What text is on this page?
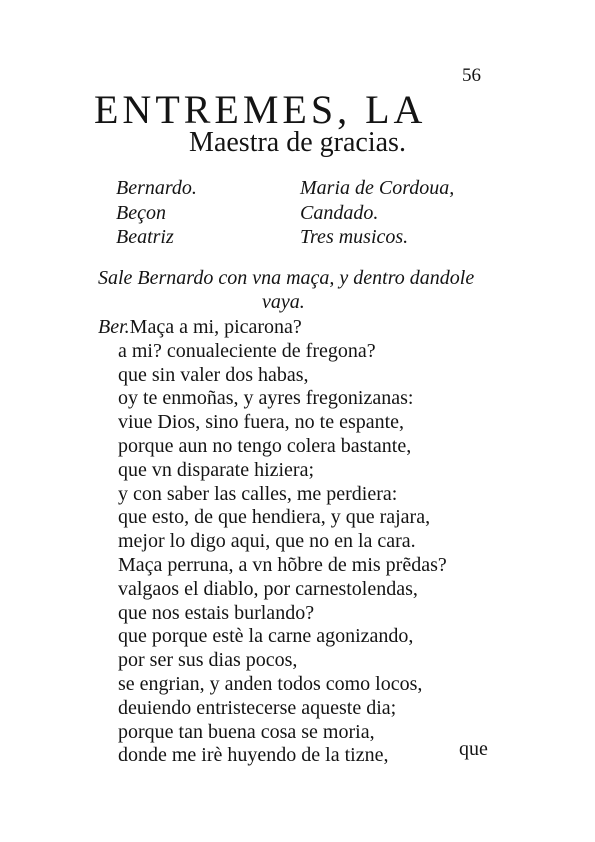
56
ENTREMES, LA
Maestra de gracias.
Bernardo.
Beçon
Beatriz
Maria de Cordoua,
Candado.
Tres musicos.
Sale Bernardo con vna maça, y dentro dandole
vaya.
Ber.Maça a mi, picarona?
a mi? conualeciente de fregona?
que sin valer dos habas,
oy te enmoñas, y ayres fregonizanas:
viue Dios, sino fuera, no te espante,
porque aun no tengo colera bastante,
que vn disparate hiziera;
y con saber las calles, me perdiera:
que esto, de que hendiera, y que rajara,
mejor lo digo aqui, que no en la cara.
Maça perruna, a vn hõbre de mis prẽdas?
valgaos el diablo, por carnestolendas,
que nos estais burlando?
que porque estè la carne agonizando,
por ser sus dias pocos,
se engrian, y anden todos como locos,
deuiendo entristecerse aqueste dia;
porque tan buena cosa se moria,
donde me irè huyendo de la tizne,	que
